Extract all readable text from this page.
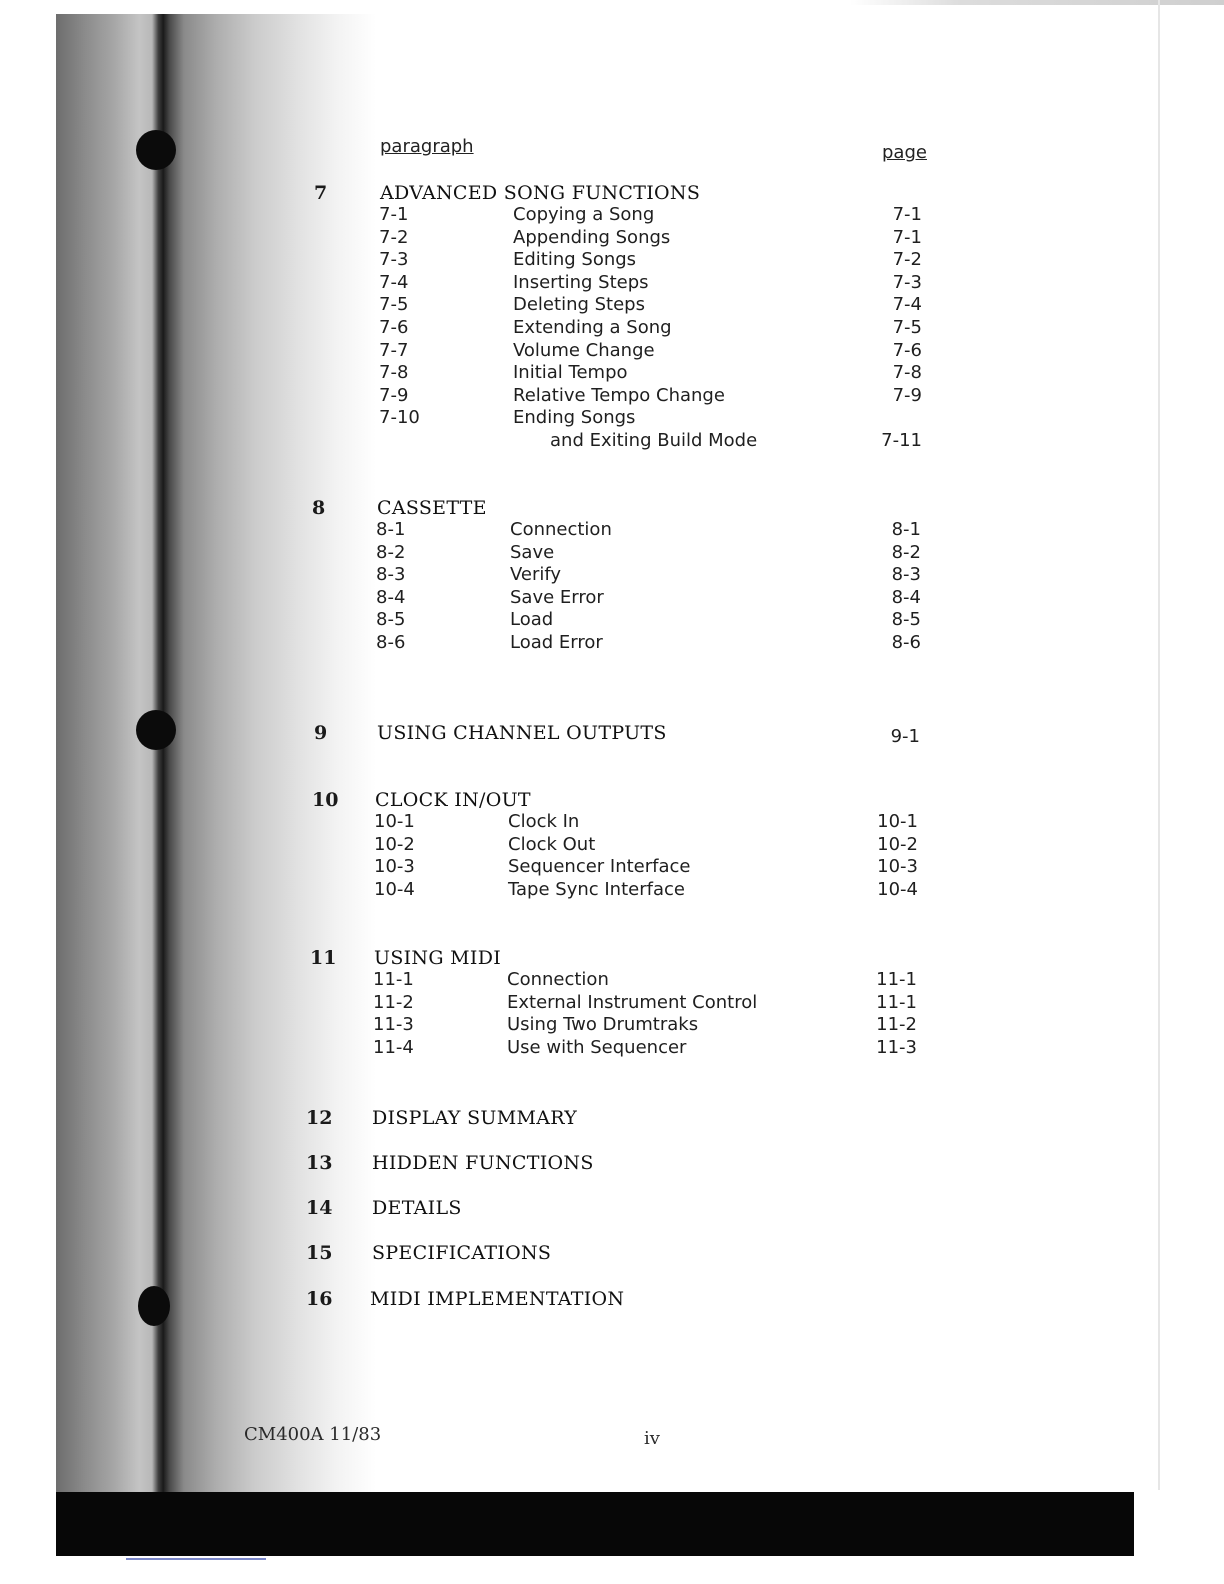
paragraph	page
7	ADVANCED SONG FUNCTIONS
7-1	Copying a Song	7-1
7-2	Appending Songs	7-1
7-3	Editing Songs	7-2
7-4	Inserting Steps	7-3
7-5	Deleting Steps	7-4
7-6	Extending a Song	7-5
7-7	Volume Change	7-6
7-8	Initial Tempo	7-8
7-9	Relative Tempo Change	7-9
7-10	Ending Songs
and Exiting Build Mode	7-11
8	CASSETTE
8-1	Connection	8-1
8-2	Save	8-2
8-3	Verify	8-3
8-4	Save Error	8-4
8-5	Load	8-5
8-6	Load Error	8-6
9	USING CHANNEL OUTPUTS	9-1
10 CLOCK IN/OUT
10-1	Clock In	10-1
10-2	Clock Out	10-2
10-3	Sequencer Interface	10-3
10-4	Tape Sync Interface	10-4
11 USING MIDI
11-1	Connection	11-1
11-2	External Instrument Control	11-1
11-3	Using Two Drumtraks	11-2
11-4	Use with Sequencer	11-3
12 DISPLAY SUMMARY
13 HIDDEN FUNCTIONS
14 DETAILS
15 SPECIFICATIONS
16 MIDI IMPLEMENTATION
CM400A 11/83	iv
